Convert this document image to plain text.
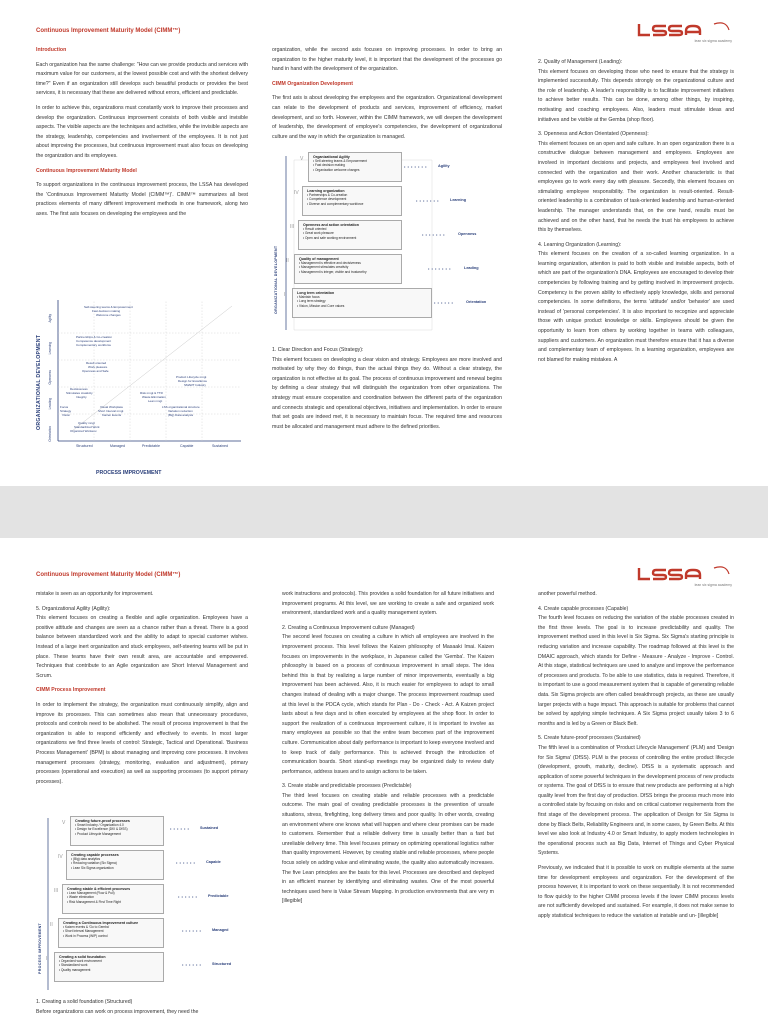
Continuous Improvement Maturity Model (CIMM™)
lean six sigma academy
Introduction

Each organization has the same challenge: "How can we provide products and services with maximum value for our customers, at the lowest possible cost and with the shortest delivery time?" Even if an organization still develops such beautiful products or provides the best services, it is necessary that these are delivered without errors, efficient and predictable.

In order to achieve this, organizations must constantly work to improve their processes and develop the organization. Continuous improvement consists of both visible and invisible aspects. The visible aspects are the techniques and activities, while the invisible aspects are the strategy, leadership, competencies and involvement of the employees. It is not just about improving the processes, but continuous improvement must also focus on developing the organization and its employees.

Continuous Improvement Maturity Model

To support organizations in the continuous improvement process, the LSSA has developed the 'Continuous Improvement Maturity Model (CIMM™)'. CIMM™ summarizes all best practices elements of many different improvement methods in one framework, along two axes. The first axis focuses on developing the employees and the

ORGANIZATIONAL DEVELOPMENT
Orientation
Leading
Openness
Learning
Agility
Structured	Managed	Predictable	Capable	Sustained
PROCESS IMPROVEMENT
Self-steering teams & Empowerment
Fast decision making
Welcome changes
Partnerships & Co-creation
Competence development
Complementary workforce
Result oriented
Work pleasure
Openness and Safe
Decisiveness
Stimulates creativity
Integrity
Product Lifecycle mngt
Design for Excellence
SMART Industry
Risk mngt & TTR
Waste Elimination
Lean mngt
Focus
Strategy
Vision
Visual Workplace
Short Interval mngt
Kaizen Events
LSS organizational structure
Variation reduction
(Big) Data analysis
Quality mngt
Standardized Work
Organized Workenv.

organization, while the second axis focuses on improving processes. In order to bring an organization to the higher maturity level, it is important that the development of the processes go hand in hand with the development of the organization.

CIMM Organization Development

The first axis is about developing the employees and the organization. Organizational development can relate to the development of products and services, improvement of efficiency, market development, and so forth. However, within the CIMM framework, we will deepen the development of leadership, the development of employee's competencies, the development of organizational culture and the way in which the organization is managed.

ORGANIZATIONAL DEVELOPMENT
Organizational Agility
• Self-steering teams & Empowerment
• Fast decision making
• Organization welcome changes
V
• • • • • • •	Agility
Learning organization
• Partnerships & Co-creation
• Competence development
• Diverse and complementary workforce
IV
• • • • • • •	Learning
Openness and action orientation
• Result oriented
• Great work pleasure
• Open and safe working environment
III
• • • • • • •	Openness
Quality of management
• Management is effective and decisiveness
• Management stimulates creativity
• Management is integer, visible and trustworthy
II
• • • • • • •	Leading
Long term orientation
• Maintain focus
• Long term strategy
• Vision, Mission and Core values
I
• • • • • •	Orientation
1. Clear Direction and Focus (Strategy):

This element focuses on developing a clear vision and strategy. Employees are more involved and motivated by why they do things, than the actual things they do. Without a clear strategy, the organization is not effective at its goal. The process of continuous improvement and renewal begins by defining a clear strategy that will distinguish the organization from other organizations. The strategy must ensure cooperation and coordination between the different parts of the organization and connects strategic and operational objectives, initiatives and implementation. In order to ensure that set goals are indeed met, it is necessary to maintain focus. The required time and resources must be allocated and management must adhere to the defined priorities.

2. Quality of Management (Leading):

This element focuses on developing those who need to ensure that the strategy is implemented successfully. This depends strongly on the organizational culture and the role of leadership. A leader's responsibility is to facilitate improvement initiatives to achieve better results. This can be done, among other things, by inspiring, motivating and coaching employees. Also, leaders must stimulate ideas and initiatives and be visible at the Gemba (shop floor).

3. Openness and Action Orientated (Openness):

This element focuses on an open and safe culture. In an open organization there is a constructive dialogue between management and employees. Employees are involved in important decisions and projects, and employees feel involved and connected with the organization and their work. Another characteristic is that employees go to work every day with pleasure. Secondly, this element focuses on stimulating employee responsibility. The organization is result-oriented. Result-oriented leadership is a combination of task-oriented leadership and human-oriented leadership. The manager understands that, on the one hand, results must be achieved and on the other hand, that he needs the trust his employees to achieve this by themselves.

4. Learning Organization (Learning):

This element focuses on the creation of a so-called learning organization. In a learning organization, attention is paid to both visible and invisible aspects, both of which are part of the organization's DNA. Employees are encouraged to develop their competencies by following training and by getting involved in improvement projects. Competency is the proven ability to effectively apply knowledge, skills and personal competencies. In some definitions, the terms 'attitude' and/or 'behavior' are used instead of 'personal competencies'. It is also important to recognize and appreciate those with unique product knowledge or skills. Employees should be given the opportunity to learn from others by working together in teams with colleagues, suppliers and customers. An organization must therefore ensure that it has a diverse and complementary team of employees. In a learning organization, employees are not blamed for making mistakes. A

Continuous Improvement Maturity Model (CIMM™)
lean six sigma academy

mistake is seen as an opportunity for improvement.

5. Organizational Agility (Agility):

This element focuses on creating a flexible and agile organization. Employees have a positive attitude and changes are seen as a chance rather than a threat. There is a good balance between standardized work and the ability to adapt to special customer wishes. Instead of a large inert organization and stuck employees, self-steering teams will be put in place. These teams have their own result area, are accountable and empowered. Techniques that contribute to an Agile organization are Short Interval Management and Scrum.

CIMM Process Improvement

In order to implement the strategy, the organization must continuously simplify, align and improve its processes. This can sometimes also mean that unnecessary procedures, protocols and controls need to be abolished. The result of process improvement is that the organization is able to respond efficiently and effectively to events. In most larger organizations we find three levels of control: Strategic, Tactical and Operational. 'Business Process Management' (BPM) is about managing and improving core processes. It involves management processes (strategy, monitoring, evaluation and adjustment), primary processes (operational and execution) as well as supporting processes (to support primary processes).

PROCESS IMPROVEMENT
Creating future-proof processes
• Smart Industry / Organization 4.0
• Design for Excellence (DfX & DfSS)
• Product Lifecycle Management
V
• • • • • •	Sustained
Creating capable processes
• (Big) data analytics
• Reducing variation (Six Sigma)
• Lean Six Sigma organization
IV
• • • • • •	Capable
Creating stable & efficient processes
• Lean Management (Flow & Pull)
• Waste elimination
• Risk Management & First Time Right
III
• • • • • •	Predictable
Creating a Continuous Improvement culture
• Kaizen events & 'Go to Gemba'
• Short Interval Management
• Work in Process (WIP) control
II
• • • • • •	Managed
Creating a solid foundation
• Organized work environment
• Standardized work
• Quality management
I
• • • • • •	Structured
1. Creating a solid foundation (Structured)

Before organizations can work on process improvement, they need the

work instructions and protocols). This provides a solid foundation for all future initiatives and improvement programs. At this level, we are working to create a safe and organized work environment, standardized work and a quality management system.

2. Creating a Continuous Improvement culture (Managed)

The second level focuses on creating a culture in which all employees are involved in the improvement process. This level follows the Kaizen philosophy of Masaaki Imai. Kaizen focuses on improvements in the workplace, in Japanese called the 'Gemba'. The Kaizen philosophy is based on a process of continuous improvement in small steps. The idea behind this is that by realizing a large number of minor improvements, eventually a big improvement has been achieved. Also, it is much easier for employees to adapt to small changes instead of dealing with a major change. The process improvement roadmap used at this level is the PDCA cycle, which stands for Plan - Do - Check - Act. A Kaizen project lasts about a few days and is often executed by employees at the shop floor. In order to support the realization of a continuous improvement culture, it is important to involve as many employees as possible so that the entire team becomes part of the improvement culture. Communication about daily performance is important to keep everyone involved and to keep track of daily performance. This is achieved through the introduction of communication boards. Short stand-up meetings may be organized daily to review daily performance, address issues and to assign actions to be taken.

3. Create stable and predictable processes (Predictable)

The third level focuses on creating stable and reliable processes with a predictable outcome. The main goal of creating predictable processes is the prevention of unsafe situations, stress, firefighting, long delivery times and poor quality. In other words, creating an environment where one knows what will happen and where clear promises can be made to customers. Remember that a reliable delivery time is usually better than a fast but unreliable delivery time. This level focuses primary on optimizing operational logistics rather than quality improvement. However, by creating stable and reliable processes, where people focus solely on adding value and eliminating waste, the quality also automatically increases. The five Lean principles are the basis for this level. Processes are described and deployed in an efficient manner by identifying and eliminating wastes. One of the most powerful techniques used here is Value Stream Mapping. In production environments that are very m [illegible]

another powerful method.

4. Create capable processes (Capable)

The fourth level focuses on reducing the variation of the stable processes created in the first three levels. The goal is to increase predictability and quality. The improvement method used in this level is Six Sigma. Six Sigma's starting principle is reducing variation and increase capability. The roadmap followed at this level is the DMAIC approach, which stands for Define - Measure - Analyze - Improve - Control. At this stage, statistical techniques are used to analyze and improve the performance of processes and products. To be able to use statistics, data is required. Therefore, it is important to use a good measurement system that is capable of generating reliable data. Six Sigma projects are often called breakthrough projects, as these are usually larger projects with a huge impact. This approach is suitable for problems that cannot be solved by applying simple techniques. A Six Sigma project usually takes 3 to 6 months and is led by a Green or Black Belt.

5. Create future-proof processes (Sustained)

The fifth level is a combination of 'Product Lifecycle Management' (PLM) and 'Design for Six Sigma' (DfSS). PLM is the process of controlling the entire product lifecycle (development, growth, maturity, decline). DfSS is a systematic approach and application of some powerful techniques in the development process of new products or systems. The goal of DfSS is to ensure that new products are performing at a high quality level from the first day of production. DfSS brings the process much more into a controlled state by focusing on risks and on critical customer requirements from the first stage of the development process. The application of Design for Six Sigma is done by Black Belts, Reliability Engineers and, in some cases, by Green Belts. At this level we also look at Industry 4.0 or Smart Industry, to apply modern technologies in the operational process such as Big Data, Internet of Things and Cyber Physical Systems.

Previously, we indicated that it is possible to work on multiple elements at the same time for development employees and organization. For the development of the process however, it is important to work on these sequentially. It is not recommended to flow quickly to the higher CIMM process levels if the lower CIMM process levels are not sufficiently developed and sustained. For example, it does not make sense to apply statistical techniques to reduce the variation at instable and un- [illegible]
